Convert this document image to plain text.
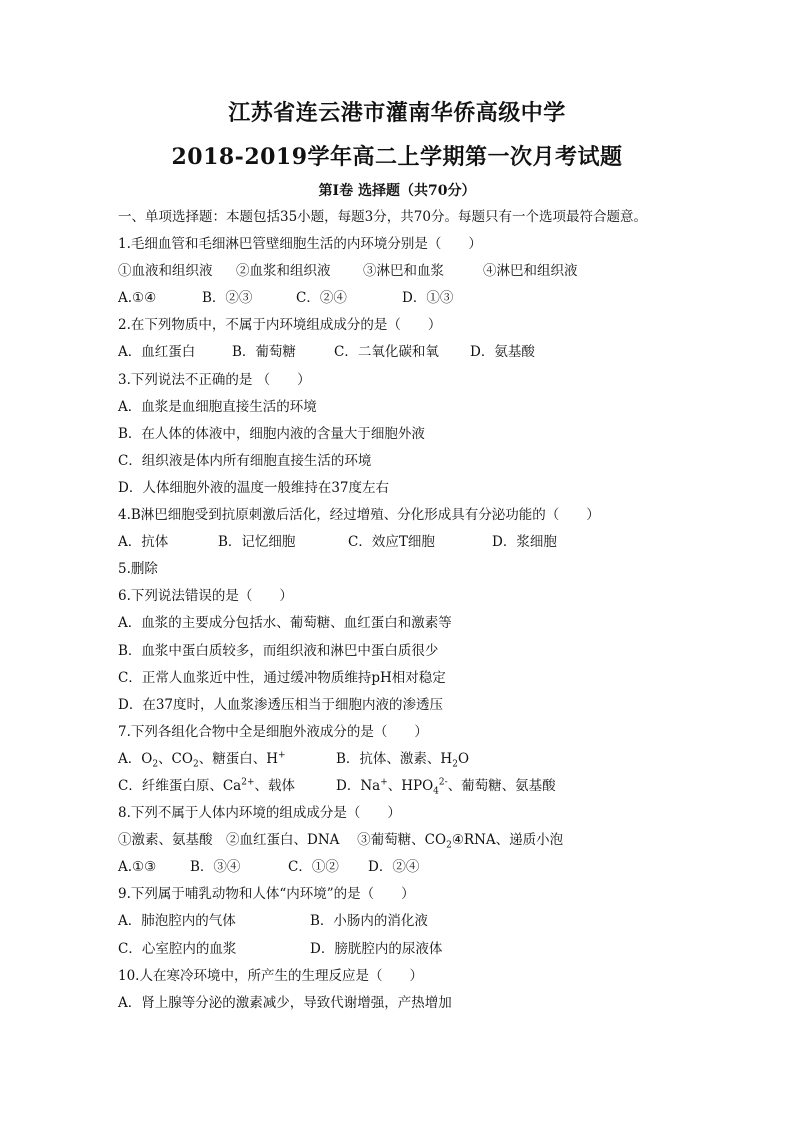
江苏省连云港市灌南华侨高级中学
2018-2019学年高二上学期第一次月考试题
第Ⅰ卷 选择题（共70分）
一、单项选择题：本题包括35小题，每题3分，共70分。每题只有一个选项最符合题意。
1.毛细血管和毛细淋巴管壁细胞生活的内环境分别是（　　）
①血液和组织液 ②血浆和组织液 ③淋巴和血浆	④淋巴和组织液
A.①④	B．②③	C．②④	D．①③
2.在下列物质中，不属于内环境组成成分的是（　　）
A．血红蛋白	B．葡萄糖	C．二氧化碳和氧 D．氨基酸
3.下列说法不正确的是 （　　）
A．血浆是血细胞直接生活的环境
B．在人体的体液中，细胞内液的含量大于细胞外液
C．组织液是体内所有细胞直接生活的环境
D．人体细胞外液的温度一般维持在37度左右
4.B淋巴细胞受到抗原刺激后活化，经过增殖、分化形成具有分泌功能的（　　）
A．抗体	B．记忆细胞	C．效应T细胞	D．浆细胞
5.删除
6.下列说法错误的是（　　）
A．血浆的主要成分包括水、葡萄糖、血红蛋白和激素等
B．血浆中蛋白质较多，而组织液和淋巴中蛋白质很少
C．正常人血浆近中性，通过缓冲物质维持pH相对稳定
D．在37度时，人血浆渗透压相当于细胞内液的渗透压
7.下列各组化合物中全是细胞外液成分的是（　　）
A．$O_2$、$CO_2$、糖蛋白、H+	B．抗体、激素、$H_2O$
C．纤维蛋白原、$Ca^{2+}$、载体	D．Na+、$HPO_4^{2-}$、葡萄糖、氨基酸
8.下列不属于人体内环境的组成成分是（　　）
①激素、氨基酸　②血红蛋白、DNA　 ③葡萄糖、$CO_2④RNA$、递质小泡
A.①③	B．③④	C．①② D．②④
9.下列属于哺乳动物和人体“内环境”的是（　　）
A．肺泡腔内的气体	B．小肠内的消化液
C．心室腔内的血浆	D．膀胱腔内的尿液体
10.人在寒冷环境中，所产生的生理反应是（　　）
A．肾上腺等分泌的激素减少，导致代谢增强，产热增加
